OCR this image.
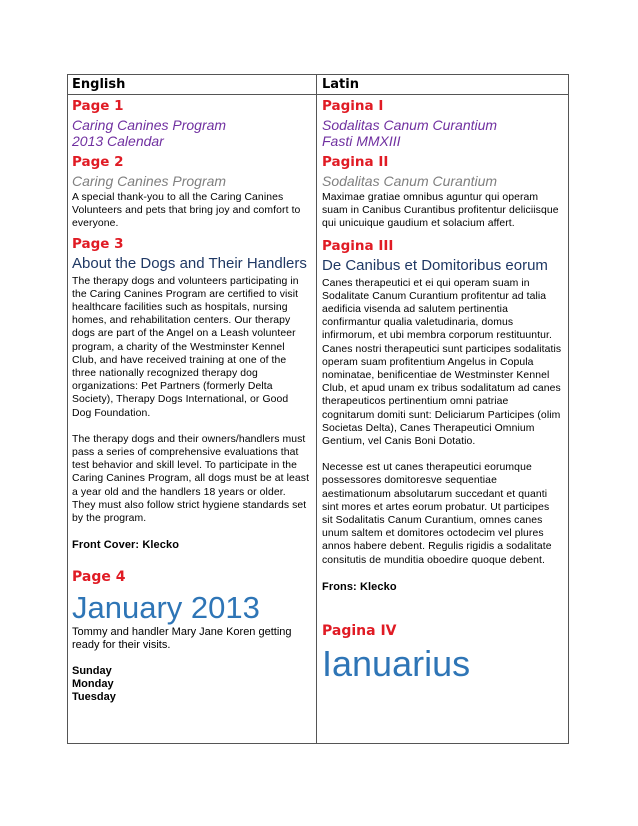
English
Page 1
Caring Canines Program
2013 Calendar
Page 2
Caring Canines Program
A special thank-you to all the Caring Canines Volunteers and pets that bring joy and comfort to everyone.
Page 3
About the Dogs and Their Handlers
The therapy dogs and volunteers participating in the Caring Canines Program are certified to visit healthcare facilities such as hospitals, nursing homes, and rehabilitation centers. Our therapy dogs are part of the Angel on a Leash volunteer program, a charity of the Westminster Kennel Club, and have received training at one of the three nationally recognized therapy dog organizations: Pet Partners (formerly Delta Society), Therapy Dogs International, or Good Dog Foundation.
The therapy dogs and their owners/handlers must pass a series of comprehensive evaluations that test behavior and skill level. To participate in the Caring Canines Program, all dogs must be at least a year old and the handlers 18 years or older. They must also follow strict hygiene standards set by the program.
Front Cover: Klecko
Page 4
January 2013
Tommy and handler Mary Jane Koren getting ready for their visits.
Sunday
Monday
Tuesday
Latin
Pagina I
Sodalitas Canum Curantium
Fasti MMXIII
Pagina II
Sodalitas Canum Curantium
Maximae gratiae omnibus aguntur qui operam suam in Canibus Curantibus profitentur deliciisque qui unicuique gaudium et solacium affert.
Pagina III
De Canibus et Domitoribus eorum
Canes therapeutici et ei qui operam suam in Sodalitate Canum Curantium profitentur ad talia aedificia visenda ad salutem pertinentia confirmantur qualia valetudinaria, domus infirmorum, et ubi membra corporum restituuntur. Canes nostri therapeutici sunt participes sodalitatis operam suam profitentium Angelus in Copula nominatae, benificentiae de Westminster Kennel Club, et apud unam ex tribus sodalitatum ad canes therapeuticos pertinentium omni patriae cognitarum domiti sunt: Deliciarum Participes (olim Societas Delta), Canes Therapeutici Omnium Gentium, vel Canis Boni Dotatio.
Necesse est ut canes therapeutici eorumque possessores domitoresve sequentiae aestimationum absolutarum succedant et quanti sint mores et artes eorum probatur. Ut participes sit Sodalitatis Canum Curantium, omnes canes unum saltem et domitores octodecim vel plures annos habere debent. Regulis rigidis a sodalitate consitutis de munditia oboedire quoque debent.
Frons: Klecko
Pagina IV
Ianuarius
